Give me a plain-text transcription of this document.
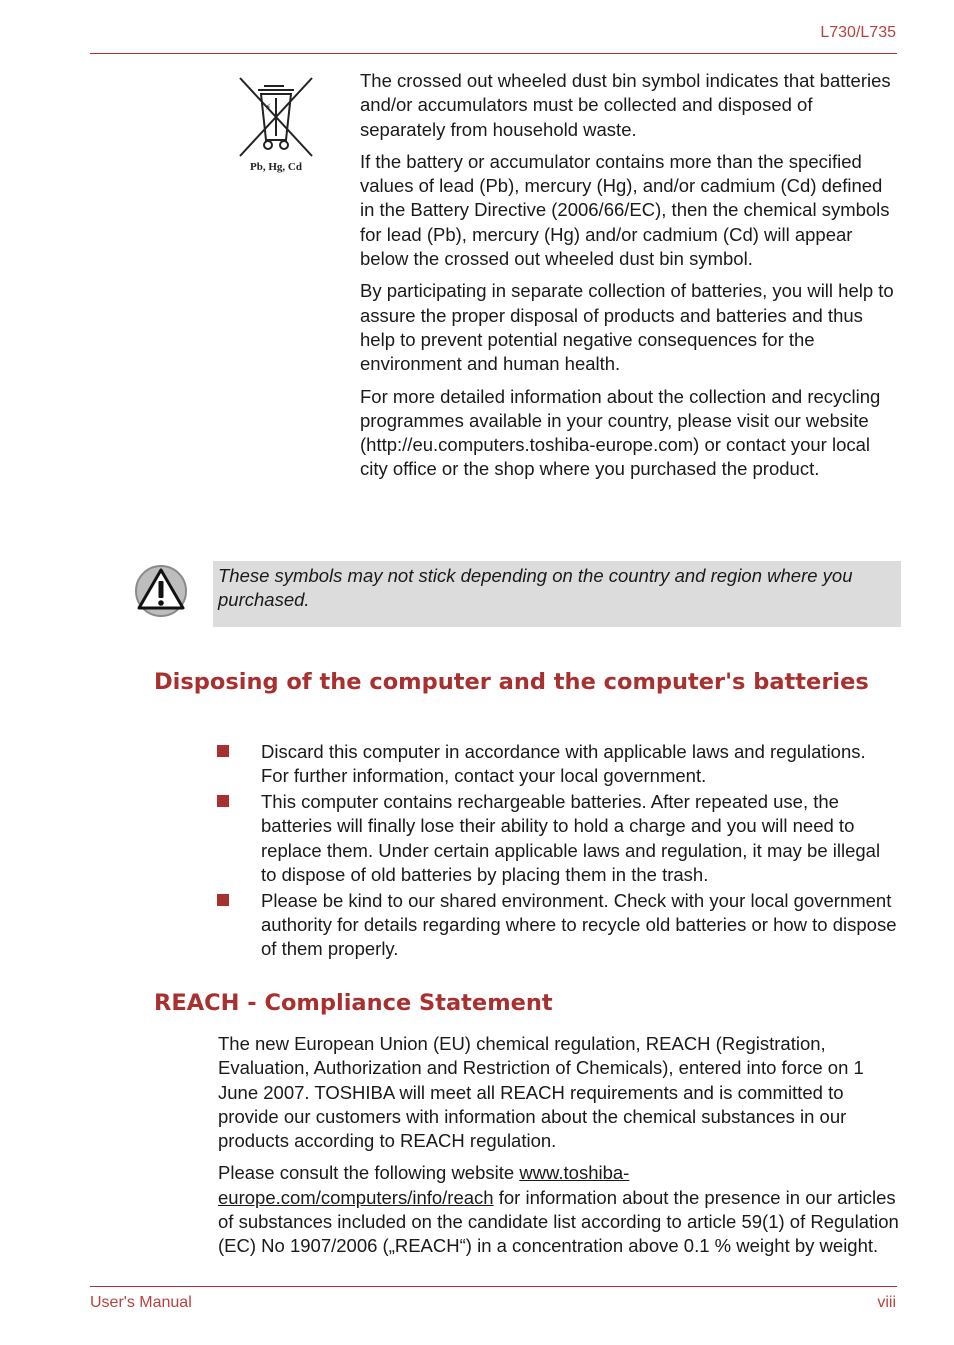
L730/L735
⚡
Pb, Hg, Cd

The crossed out wheeled dust bin symbol indicates that batteries and/or accumulators must be collected and disposed of separately from household waste.

If the battery or accumulator contains more than the specified values of lead (Pb), mercury (Hg), and/or cadmium (Cd) defined in the Battery Directive (2006/66/EC), then the chemical symbols for lead (Pb), mercury (Hg) and/or cadmium (Cd) will appear below the crossed out wheeled dust bin symbol.

By participating in separate collection of batteries, you will help to assure the proper disposal of products and batteries and thus help to prevent potential negative consequences for the environment and human health.

For more detailed information about the collection and recycling programmes available in your country, please visit our website (http://eu.computers.toshiba-europe.com) or contact your local city office or the shop where you purchased the product.

These symbols may not stick depending on the country and region where you purchased.

Disposing of the computer and the computer's batteries
Discard this computer in accordance with applicable laws and regulations. For further information, contact your local government.
This computer contains rechargeable batteries. After repeated use, the batteries will finally lose their ability to hold a charge and you will need to replace them. Under certain applicable laws and regulation, it may be illegal to dispose of old batteries by placing them in the trash.
Please be kind to our shared environment. Check with your local government authority for details regarding where to recycle old batteries or how to dispose of them properly.
REACH - Compliance Statement

The new European Union (EU) chemical regulation, REACH (Registration, Evaluation, Authorization and Restriction of Chemicals), entered into force on 1 June 2007. TOSHIBA will meet all REACH requirements and is committed to provide our customers with information about the chemical substances in our products according to REACH regulation.

Please consult the following website www.toshiba-europe.com/computers/info/reach for information about the presence in our articles of substances included on the candidate list according to article 59(1) of Regulation (EC) No 1907/2006 („REACH“) in a concentration above 0.1 % weight by weight.

User's Manual	viii
